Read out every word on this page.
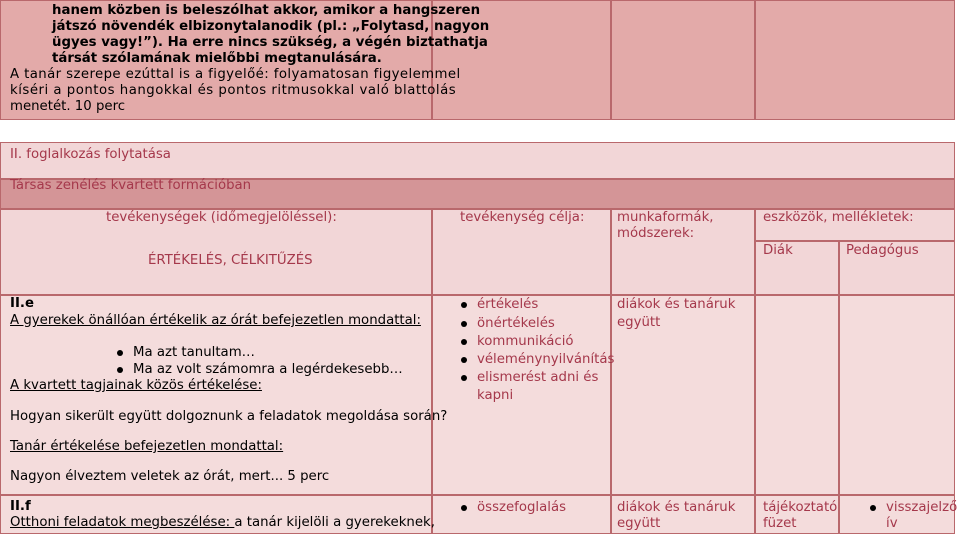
hanem közben is beleszólhat akkor, amikor a hangszeren
játszó növendék elbizonytalanodik (pl.: „Folytasd, nagyon
ügyes vagy!”). Ha erre nincs szükség, a végén biztathatja
társát szólamának mielőbbi megtanulására.
A tanár szerepe ezúttal is a figyelőé: folyamatosan figyelemmel
kíséri a pontos hangokkal és pontos ritmusokkal való blattolás
menetét. 10 perc
II. foglalkozás folytatása
Társas zenélés kvartett formációban
tevékenységek (időmegjelöléssel):
ÉRTÉKELÉS, CÉLKITŰZÉS
tevékenység célja: munkaformák,
módszerek:
eszközök, mellékletek:
Diák	Pedagógus
II.e
A gyerekek önállóan értékelik az órát befejezetlen mondattal:
Ma azt tanultam…
Ma az volt számomra a legérdekesebb…
A kvartett tagjainak közös értékelése:
Hogyan sikerült együtt dolgoznunk a feladatok megoldása során?
Tanár értékelése befejezetlen mondattal:
Nagyon élveztem veletek az órát, mert... 5 perc
értékelés
önértékelés
kommunikáció
véleménynyilvánítás
elismerést adni és
kapni
diákok és tanáruk
együtt
II.f
Otthoni feladatok megbeszélése: a tanár kijelöli a gyerekeknek,
összefoglalás	diákok és tanáruk
együtt
tájékoztató
füzet
visszajelző
ív
